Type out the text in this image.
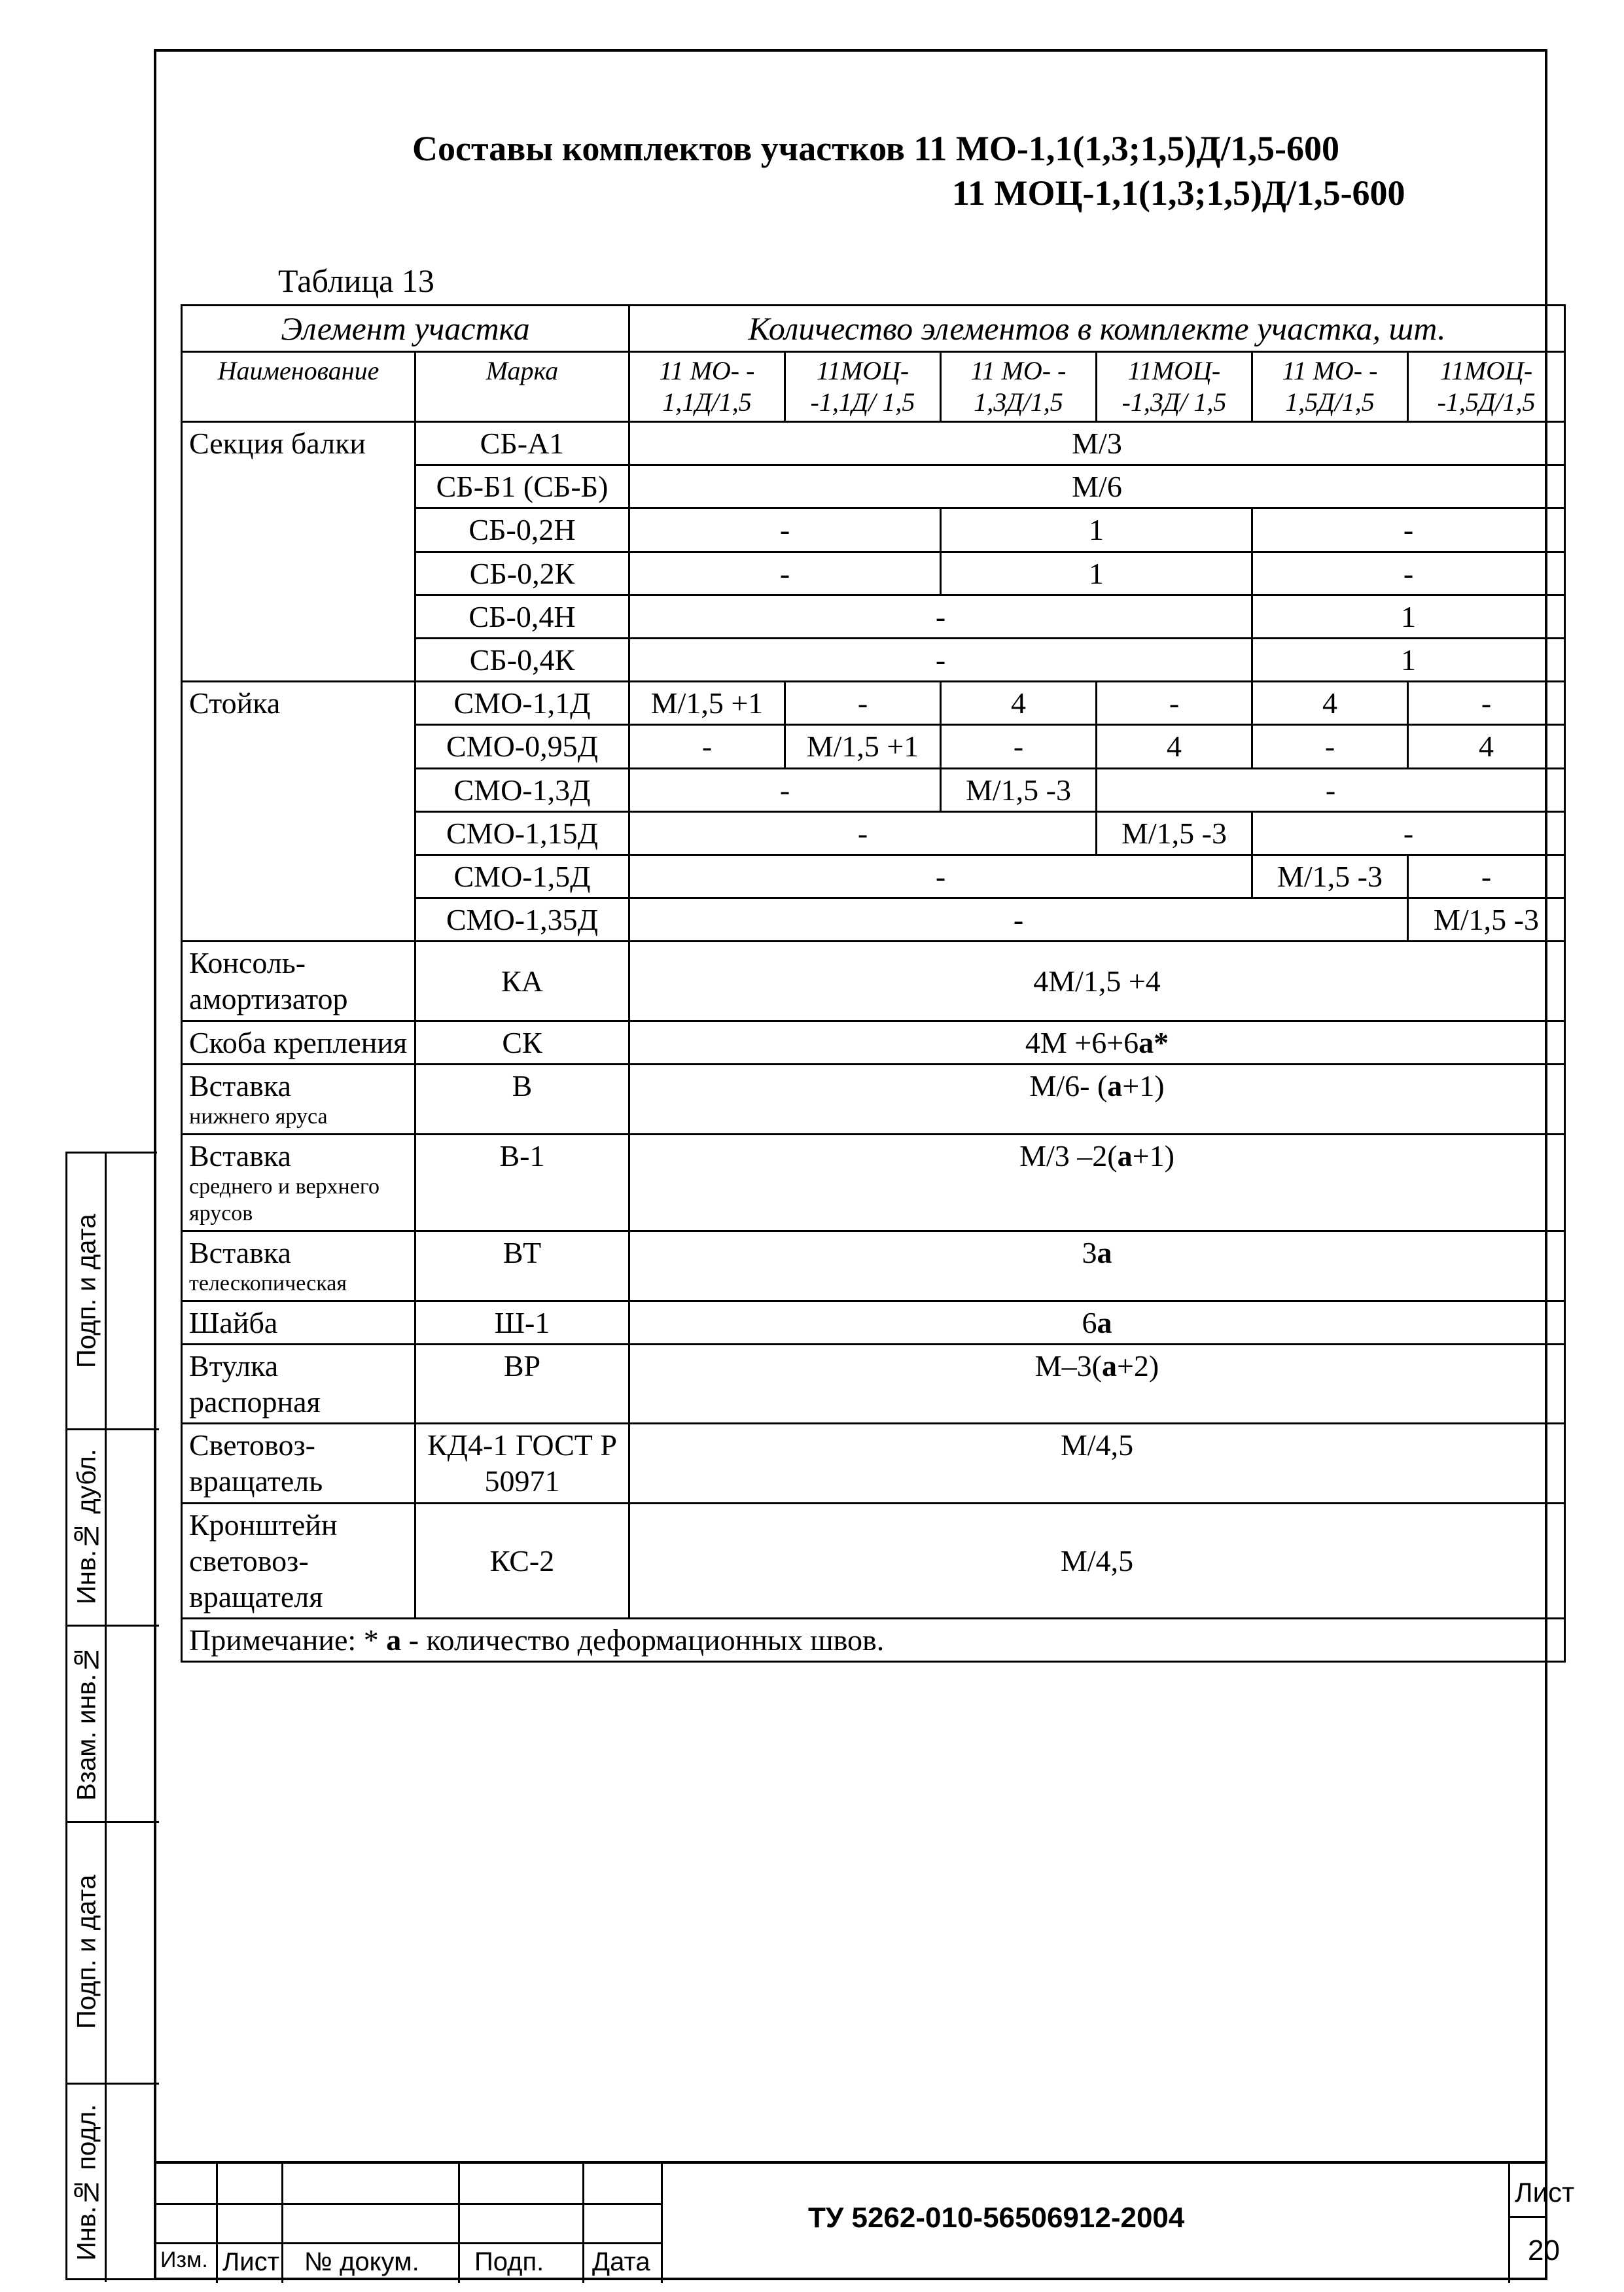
Составы комплектов участков 11 МО-1,1(1,3;1,5)Д/1,5-600
11 МОЦ-1,1(1,3;1,5)Д/1,5-600
Таблица 13
Элемент участка		Количество элементов в комплекте участка, шт.					
Наименование	Марка	11 МО- - 1,1Д/1,5	11МОЦ- -1,1Д/ 1,5	11 МО- - 1,3Д/1,5	11МОЦ- -1,3Д/ 1,5	11 МО- - 1,5Д/1,5	11МОЦ- -1,5Д/1,5
Секция балки	СБ-А1	М/3					
	СБ-Б1 (СБ-Б)	М/6					
	СБ-0,2Н	-		1		-	
	СБ-0,2К	-		1		-	
	СБ-0,4Н	-				1	
	СБ-0,4К	-				1	
Стойка	СМО-1,1Д	М/1,5 +1	-	4	-	4	-
	СМО-0,95Д	-	М/1,5 +1	-	4	-	4
	СМО-1,3Д	-		М/1,5 -3	-		
	СМО-1,15Д	-			М/1,5 -3	-	
	СМО-1,5Д	-				М/1,5 -3	-
	СМО-1,35Д	-					М/1,5 -3
Консоль-амортизатор	КА	4М/1,5 +4					
Скоба крепления	СК	4М +6+6а*					

Вставка
нижнего яруса	В	М/6- (а+1)					

Вставка
среднего и верхнего ярусов	В-1	М/3 –2(а+1)					

Вставка
телескопическая	ВТ	3а					
Шайба	Ш-1	6а					
Втулка распорная	ВР	М–3(а+2)					
Световоз-вращатель	КД4-1 ГОСТ Р 50971	М/4,5					
Кронштейн световоз-вращателя	КС-2	М/4,5					
Примечание: * а - количество деформационных швов.							
Подп. и дата
Инв.№ дубл.
Взам. инв.№
Подп. и дата
Инв.№ подл.	Изм. Лист № докум. Подп. Дата
ТУ 5262-010-56506912-2004
Лист
20
